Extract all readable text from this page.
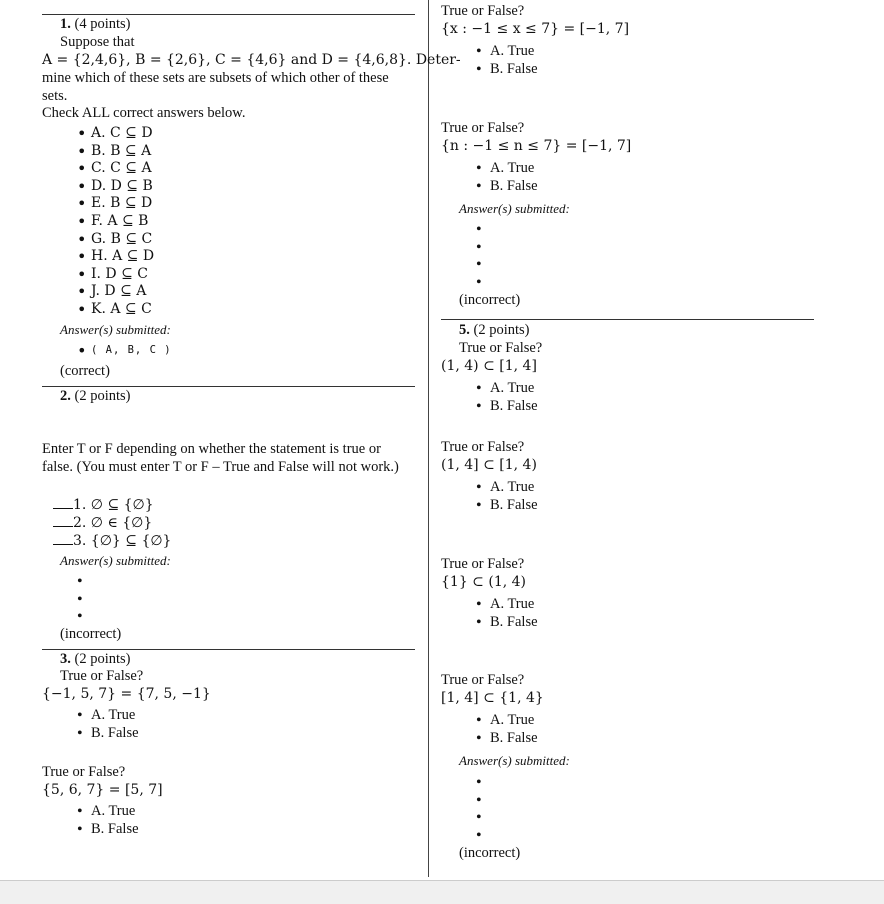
1. (4 points)
Suppose that
A = {2,4,6}, B = {2,6}, C = {4,6} and D = {4,6,8}. Deter-
mine which of these sets are subsets of which other of these
sets.
Check ALL correct answers below.
• A. C ⊆ D
• B. B ⊆ A
• C. C ⊆ A
• D. D ⊆ B
• E. B ⊆ D
• F. A ⊆ B
• G. B ⊆ C
• H. A ⊆ D
• I. D ⊆ C
• J. D ⊆ A
• K. A ⊆ C
Answer(s) submitted:
• ( A, B, C )
(correct)
2. (2 points)
Enter T or F depending on whether the statement is true or
false. (You must enter T or F – True and False will not work.)
1. ∅ ⊆ {∅}
2. ∅ ∈ {∅}
3. {∅} ⊆ {∅}
Answer(s) submitted:
•
•
•
(incorrect)
3. (2 points)
True or False?
{−1, 5, 7} = {7, 5, −1}
• A. True
• B. False
True or False?
{5, 6, 7} = [5, 7]
• A. True
• B. False
True or False?
{x : −1 ≤ x ≤ 7} = [−1, 7]
• A. True
• B. False
True or False?
{n : −1 ≤ n ≤ 7} = [−1, 7]
• A. True
• B. False
Answer(s) submitted:
•
•
•
•
(incorrect)
5. (2 points)
True or False?
(1, 4) ⊂ [1, 4]
• A. True
• B. False
True or False?
(1, 4] ⊂ [1, 4)
• A. True
• B. False
True or False?
{1} ⊂ (1, 4)
• A. True
• B. False
True or False?
[1, 4] ⊂ {1, 4}
• A. True
• B. False
Answer(s) submitted:
•
•
•
•
(incorrect)
